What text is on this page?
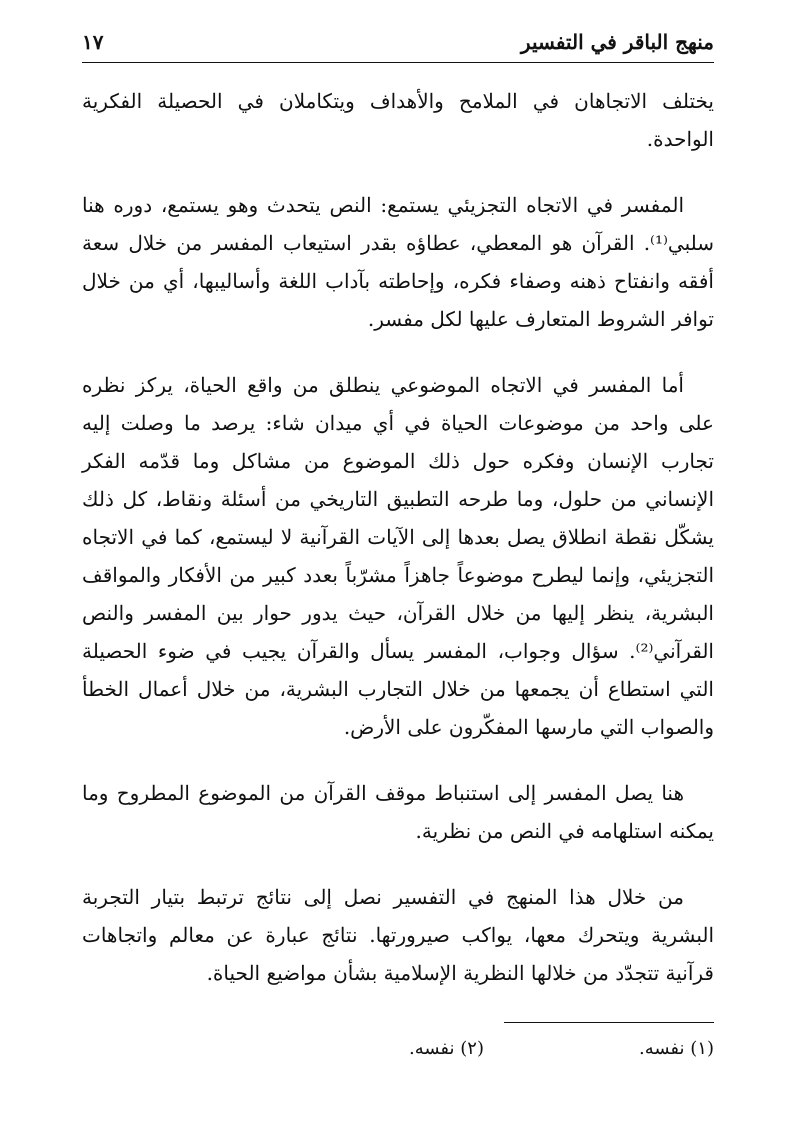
منهج الباقر في التفسير
١٧

يختلف الاتجاهان في الملامح والأهداف ويتكاملان في الحصيلة الفكرية الواحدة.

المفسر في الاتجاه التجزيئي يستمع: النص يتحدث وهو يستمع، دوره هنا سلبي⁽¹⁾. القرآن هو المعطي، عطاؤه بقدر استيعاب المفسر من خلال سعة أفقه وانفتاح ذهنه وصفاء فكره، وإحاطته بآداب اللغة وأساليبها، أي من خلال توافر الشروط المتعارف عليها لكل مفسر.

أما المفسر في الاتجاه الموضوعي ينطلق من واقع الحياة، يركز نظره على واحد من موضوعات الحياة في أي ميدان شاء: يرصد ما وصلت إليه تجارب الإنسان وفكره حول ذلك الموضوع من مشاكل وما قدّمه الفكر الإنساني من حلول، وما طرحه التطبيق التاريخي من أسئلة ونقاط، كل ذلك يشكّل نقطة انطلاق يصل بعدها إلى الآيات القرآنية لا ليستمع، كما في الاتجاه التجزيئي، وإنما ليطرح موضوعاً جاهزاً مشرّباً بعدد كبير من الأفكار والمواقف البشرية، ينظر إليها من خلال القرآن، حيث يدور حوار بين المفسر والنص القرآني⁽²⁾. سؤال وجواب، المفسر يسأل والقرآن يجيب في ضوء الحصيلة التي استطاع أن يجمعها من خلال التجارب البشرية، من خلال أعمال الخطأ والصواب التي مارسها المفكّرون على الأرض.

هنا يصل المفسر إلى استنباط موقف القرآن من الموضوع المطروح وما يمكنه استلهامه في النص من نظرية.

من خلال هذا المنهج في التفسير نصل إلى نتائج ترتبط بتيار التجربة البشرية ويتحرك معها، يواكب صيرورتها. نتائج عبارة عن معالم واتجاهات قرآنية تتجدّد من خلالها النظرية الإسلامية بشأن مواضيع الحياة.

(١) نفسه.
(٢) نفسه.
